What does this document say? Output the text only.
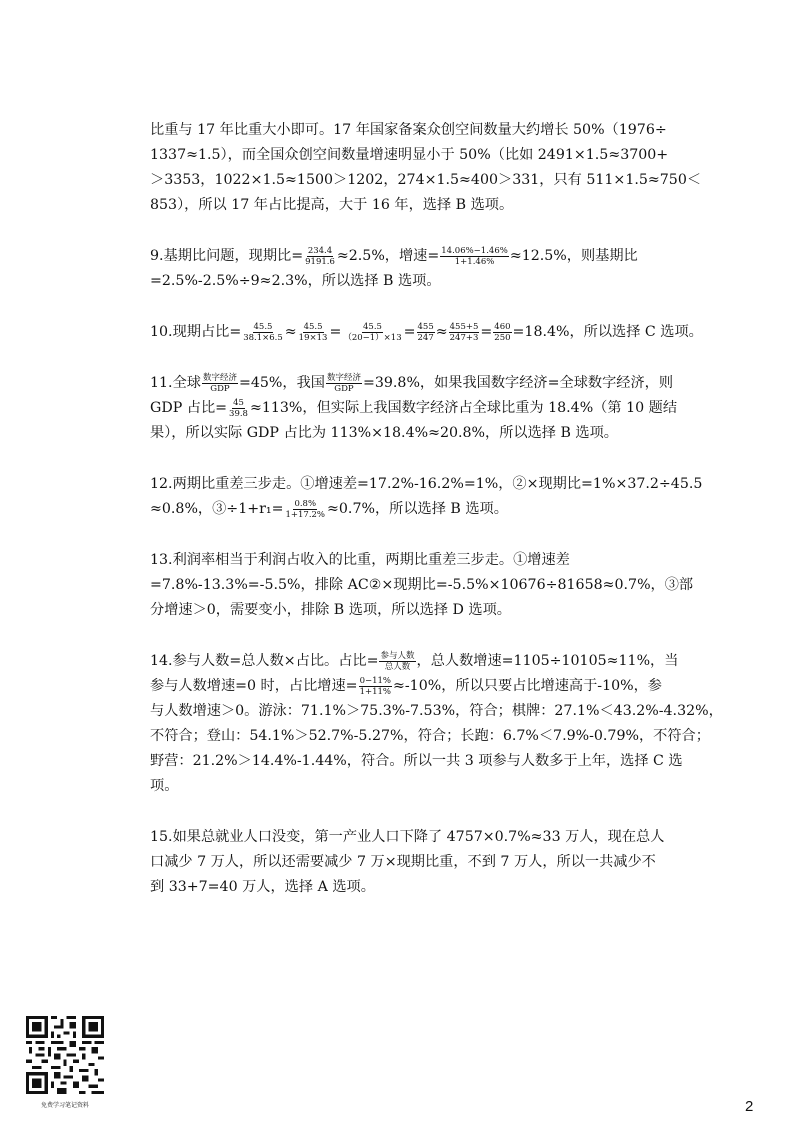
比重与 17 年比重大小即可。17 年国家备案众创空间数量大约增长 50%（1976÷
1337≈1.5），而全国众创空间数量增速明显小于 50%（比如 2491×1.5≈3700+
＞3353，1022×1.5≈1500＞1202，274×1.5≈400＞331，只有 511×1.5≈750＜
853），所以 17 年占比提高，大于 16 年，选择 B 选项。

9.基期比问题，现期比= $\frac{234.4}{9191.6} \approx 2.5\%$，增速= $\frac{14.06\%-1.46\%}{1+1.46\%} \approx 12.5\%$，则基期比
=2.5%-2.5%÷9≈2.3%，所以选择 B 选项。

10.现期占比= $\frac{45.5}{38.1\times 6.5} \approx \frac{45.5}{19\times 13} = \frac{45.5}{(20-1)\times 13} = \frac{455}{247} \approx \frac{455+5}{247+3} = \frac{460}{250} =18.4\%$，所以选择 C 选项。

11.全球 $\frac{\text{数字经济}}{\text{GDP}} =45\%$，我国 $\frac{\text{数字经济}}{\text{GDP}} =39.8\%$，如果我国数字经济=全球数字经济，则
GDP 占比= $\frac{45}{39.8} \approx 113\%$，但实际上我国数字经济占全球比重为 18.4%（第 10 题结
果），所以实际 GDP 占比为 113%×18.4%≈20.8%，所以选择 B 选项。

12.两期比重差三步走。①增速差=17.2%-16.2%=1%，②×现期比=1%×37.2÷45.5
≈0.8%，③÷1+r₁= $\frac{0.8\%}{1+17.2\%} \approx 0.7\%$，所以选择 B 选项。

13.利润率相当于利润占收入的比重，两期比重差三步走。①增速差
=7.8%-13.3%=-5.5%，排除 AC②×现期比=-5.5%×10676÷81658≈0.7%，③部
分增速＞0，需要变小，排除 B 选项，所以选择 D 选项。

14.参与人数=总人数×占比。占比= $\frac{\text{参与人数}}{\text{总人数}}$ ，总人数增速=1105÷10105≈11%，当
参与人数增速=0 时，占比增速= $\frac{0-11\%}{1+11\%} \approx-10\%$，所以只要占比增速高于-10%，参
与人数增速＞0。游泳：71.1%＞75.3%-7.53%，符合；棋牌：27.1%＜43.2%-4.32%，
不符合；登山：54.1%＞52.7%-5.27%，符合；长跑：6.7%＜7.9%-0.79%，不符合；
野营：21.2%＞14.4%-1.44%，符合。所以一共 3 项参与人数多于上年，选择 C 选
项。

15.如果总就业人口没变，第一产业人口下降了 4757×0.7%≈33 万人，现在总人
口减少 7 万人，所以还需要减少 7 万×现期比重，不到 7 万人，所以一共减少不
到 33+7=40 万人，选择 A 选项。

免费学习笔记资料	2
